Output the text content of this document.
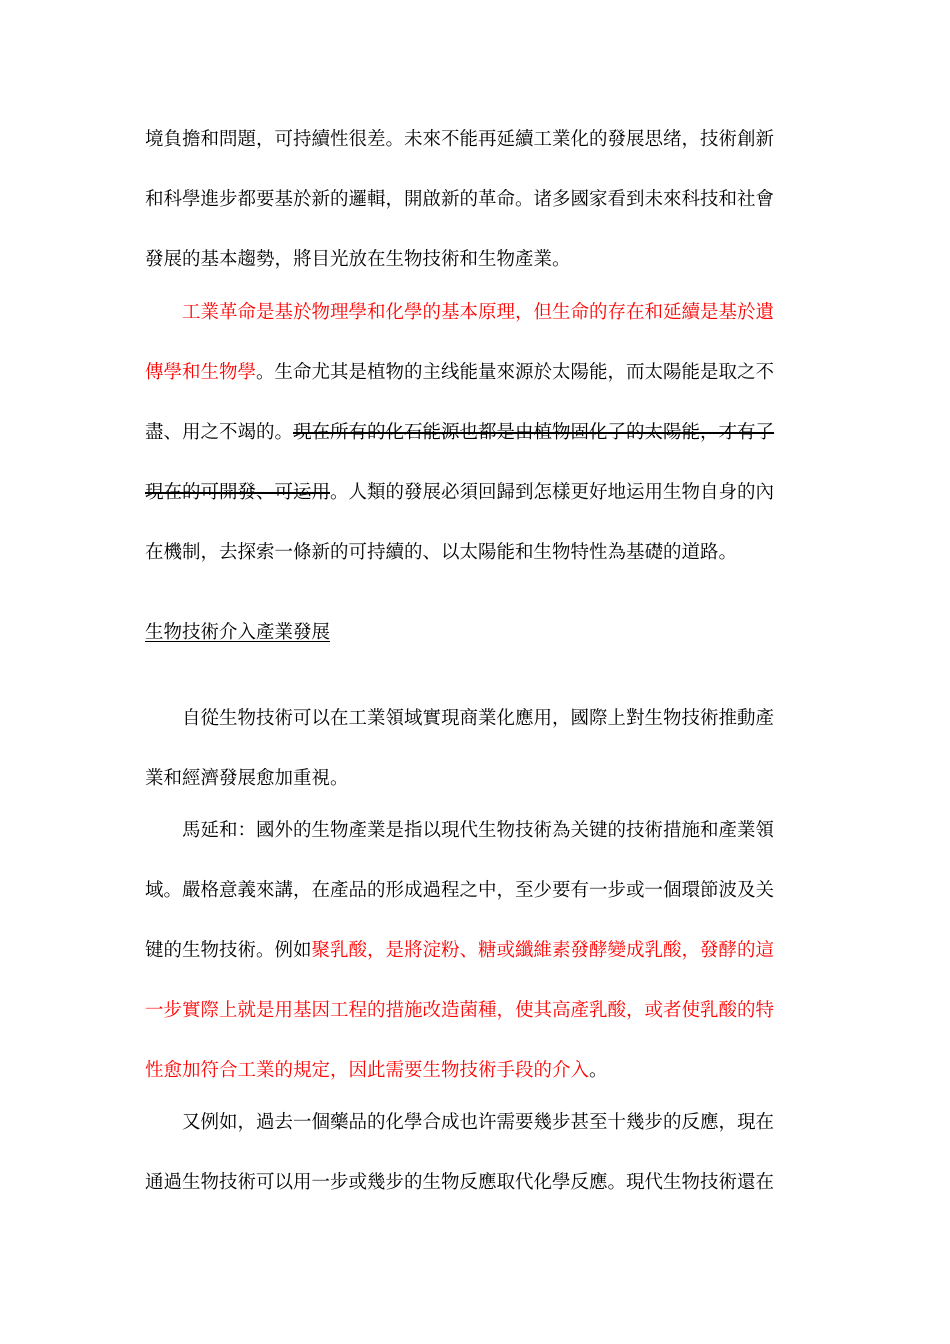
境負擔和問題，可持續性很差。未來不能再延續工業化的發展思绪，技術創新
和科學進步都要基於新的邏輯，開啟新的革命。诸多國家看到未來科技和社會
發展的基本趨勢，將目光放在生物技術和生物產業。
工業革命是基於物理學和化學的基本原理，但生命的存在和延續是基於遺
傳學和生物學。生命尤其是植物的主线能量來源於太陽能，而太陽能是取之不
盡、用之不竭的。現在所有的化石能源也都是由植物固化了的太陽能，才有了
現在的可開發、可运用。人類的發展必須回歸到怎樣更好地运用生物自身的內
在機制，去探索一條新的可持續的、以太陽能和生物特性為基礎的道路。
生物技術介入產業發展
自從生物技術可以在工業領域實現商業化應用，國際上對生物技術推動產
業和經濟發展愈加重視。
馬延和：國外的生物產業是指以現代生物技術為关键的技術措施和產業領
域。嚴格意義來講，在產品的形成過程之中，至少要有一步或一個環節波及关
键的生物技術。例如聚乳酸，是將淀粉、糖或纖維素發酵變成乳酸，發酵的這
一步實際上就是用基因工程的措施改造菌種，使其高產乳酸，或者使乳酸的特
性愈加符合工業的規定，因此需要生物技術手段的介入。
又例如，過去一個藥品的化學合成也许需要幾步甚至十幾步的反應，現在
通過生物技術可以用一步或幾步的生物反應取代化學反應。現代生物技術還在
